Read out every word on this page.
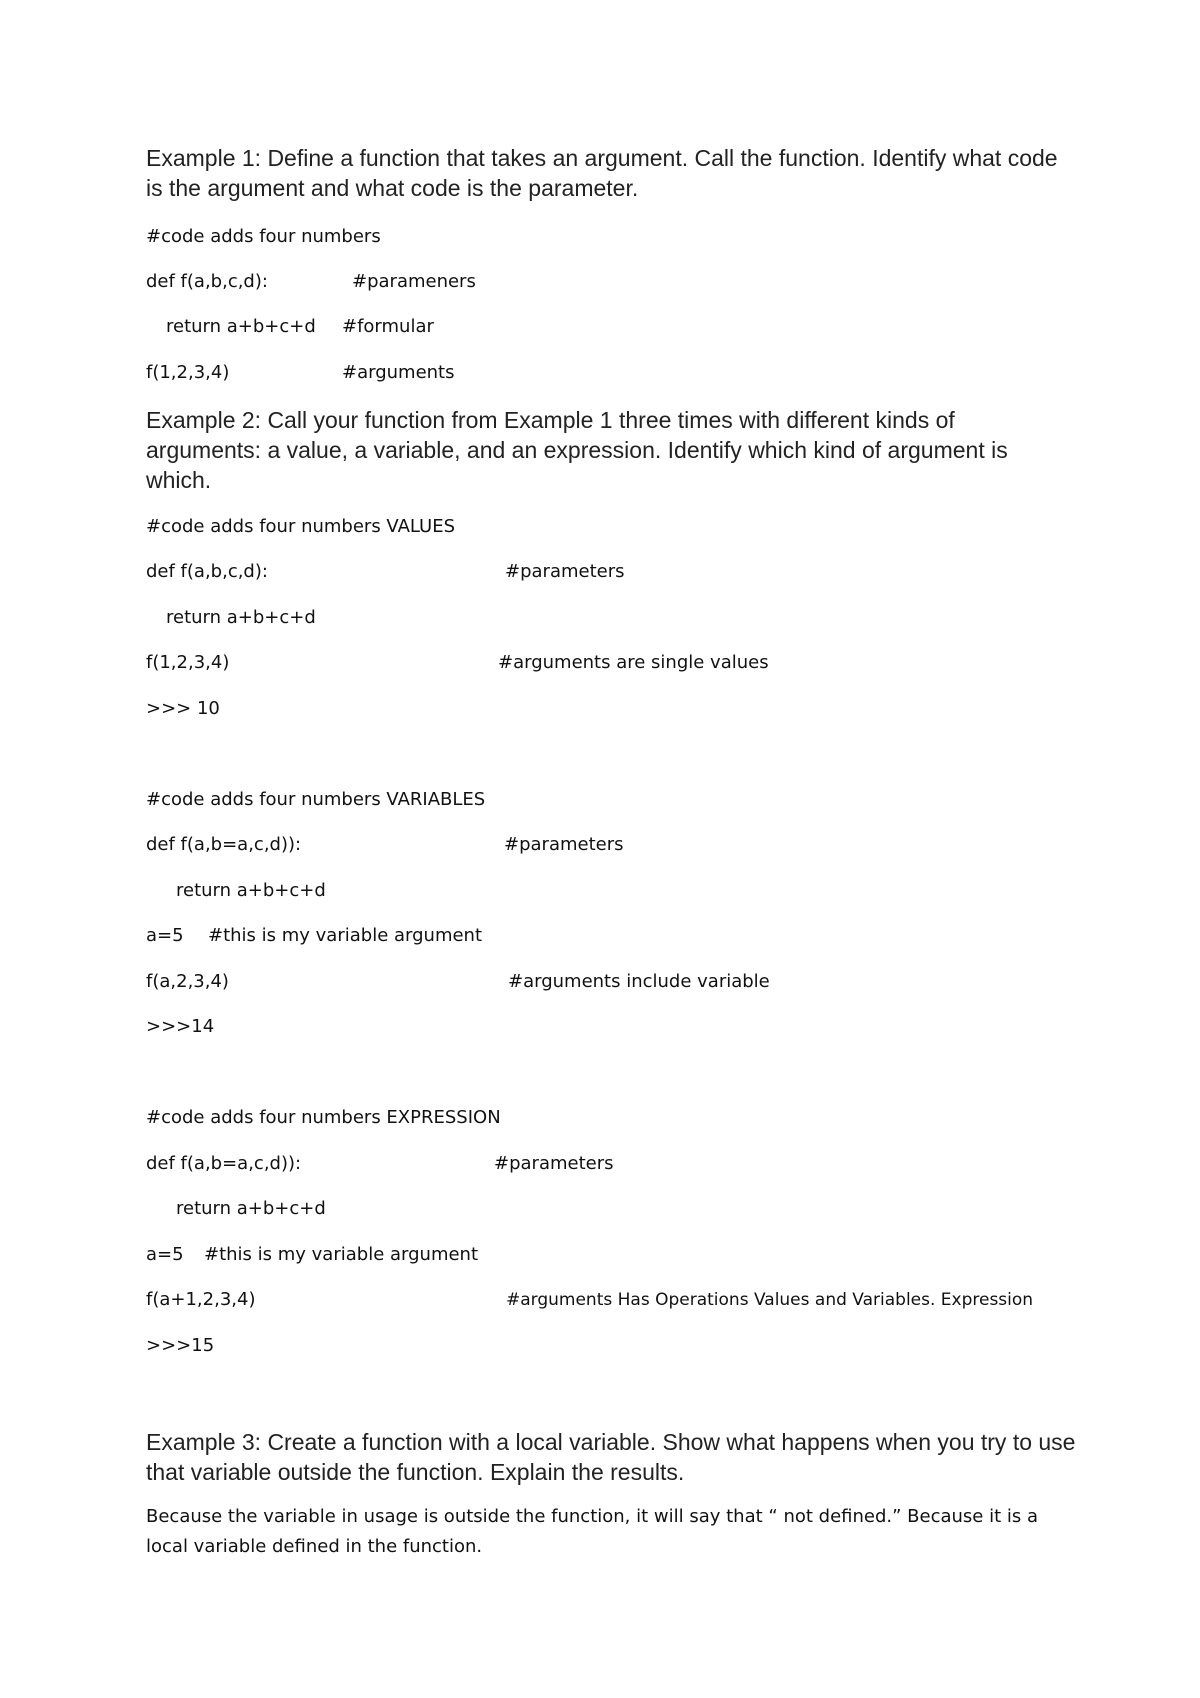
Example 1: Define a function that takes an argument. Call the function. Identify what code is the argument and what code is the parameter.

#code adds four numbers

def f(a,b,c,d):

	#parameners

return a+b+c+d

#formular

f(1,2,3,4)

	#arguments

Example 2: Call your function from Example 1 three times with different kinds of arguments: a value, a variable, and an expression. Identify which kind of argument is which.

#code adds four numbers VALUES

def f(a,b,c,d):

	#parameters

return a+b+c+d

f(1,2,3,4)

	#arguments are single values

>>> 10

#code adds four numbers VARIABLES

def f(a,b=a,c,d)):

	#parameters

return a+b+c+d

a=5

#this is my variable argument

f(a,2,3,4)

	#arguments include variable

>>>14

#code adds four numbers EXPRESSION

def f(a,b=a,c,d)):

	#parameters

return a+b+c+d

a=5

#this is my variable argument

f(a+1,2,3,4)

	#arguments Has Operations Values and Variables. Expression

>>>15

Example 3: Create a function with a local variable. Show what happens when you try to use that variable outside the function. Explain the results.
Because the variable in usage is outside the function, it will say that “ not defined.” Because it is a local variable defined in the function.
